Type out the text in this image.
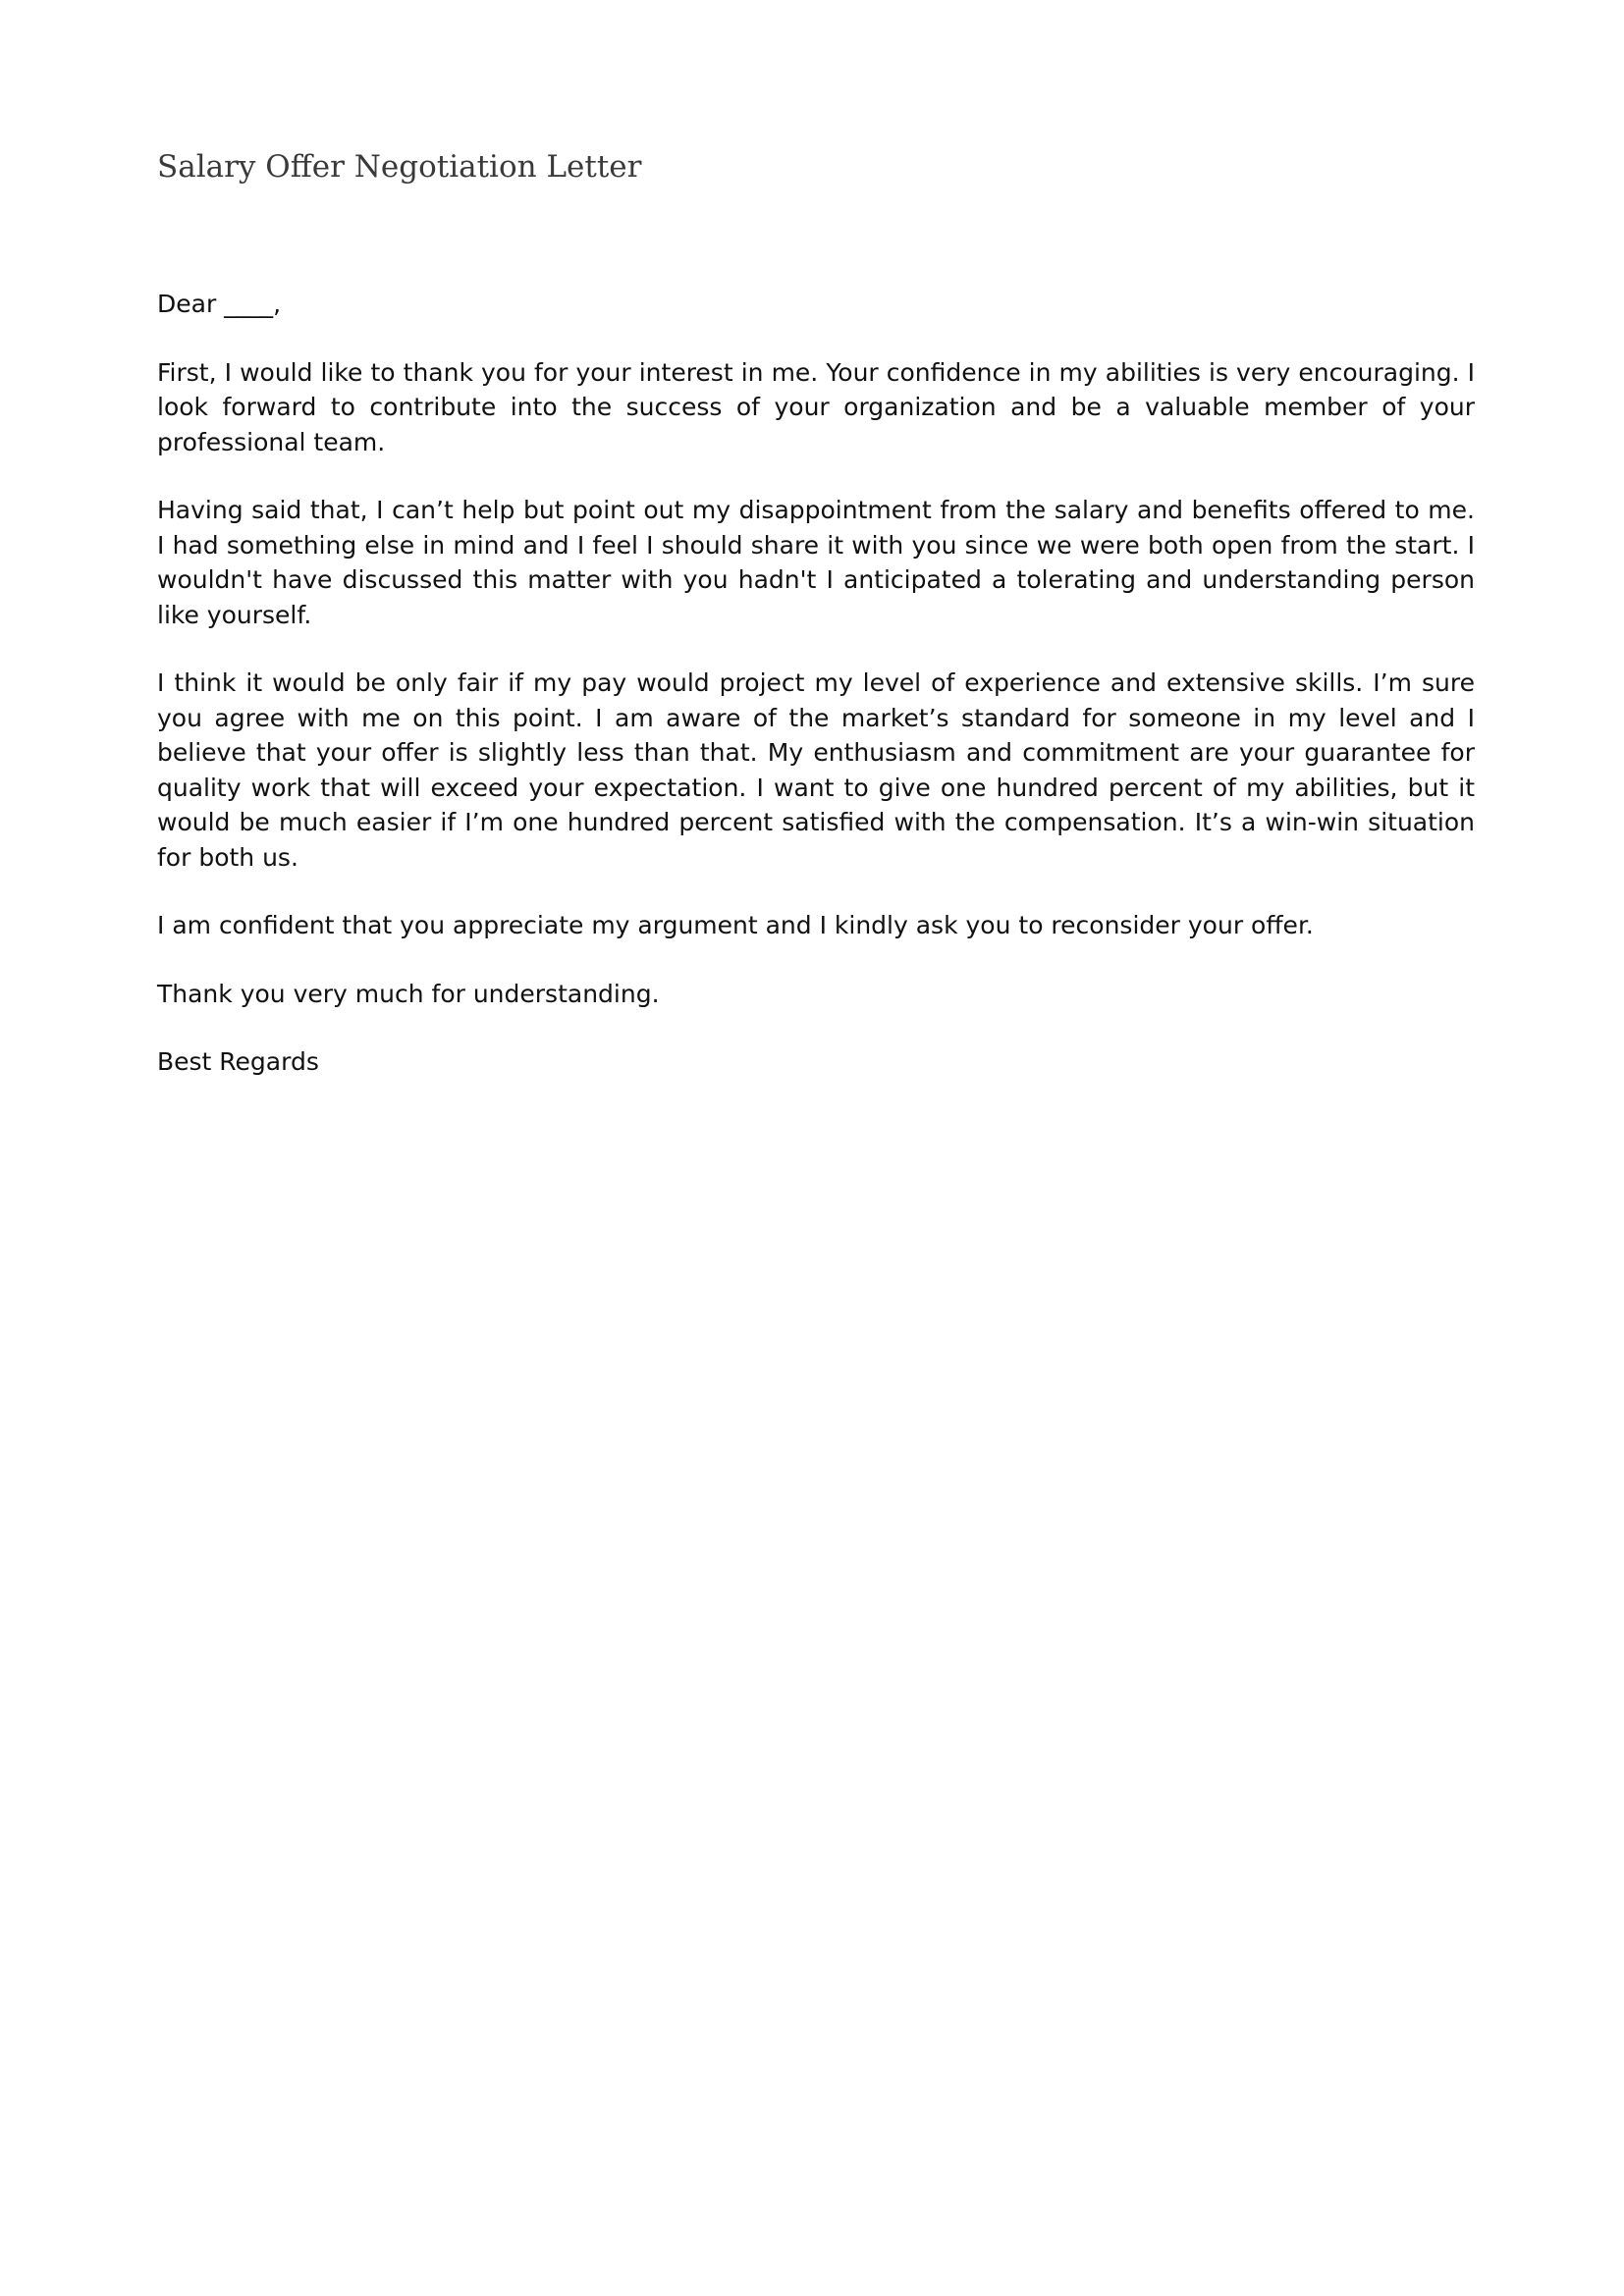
Salary Offer Negotiation Letter

Dear ____,

First, I would like to thank you for your interest in me. Your confidence in my abilities is very encouraging. I look forward to contribute into the success of your organization and be a valuable member of your professional team.

Having said that, I can’t help but point out my disappointment from the salary and benefits offered to me. I had something else in mind and I feel I should share it with you since we were both open from the start. I wouldn't have discussed this matter with you hadn't I anticipated a tolerating and understanding person like yourself.

I think it would be only fair if my pay would project my level of experience and extensive skills. I’m sure you agree with me on this point. I am aware of the market’s standard for someone in my level and I believe that your offer is slightly less than that. My enthusiasm and commitment are your guarantee for quality work that will exceed your expectation. I want to give one hundred percent of my abilities, but it would be much easier if I’m one hundred percent satisfied with the compensation. It’s a win-win situation for both us.

I am confident that you appreciate my argument and I kindly ask you to reconsider your offer.

Thank you very much for understanding.

Best Regards
